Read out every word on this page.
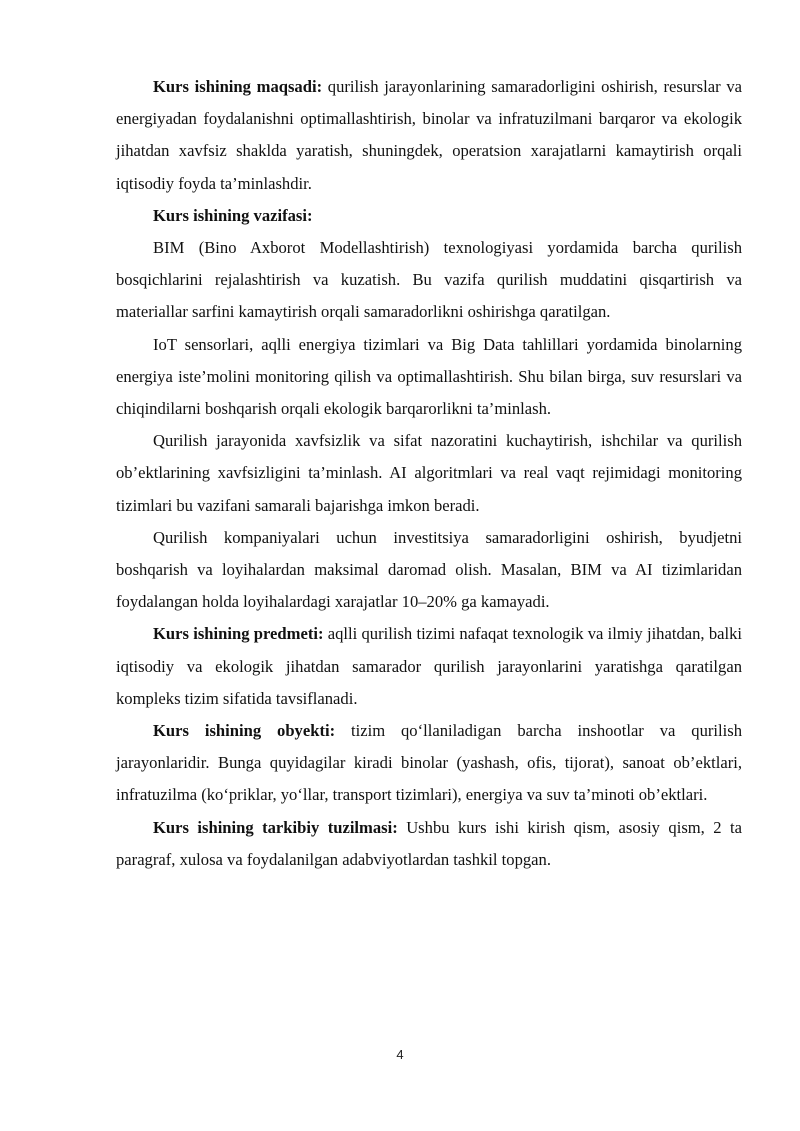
Kurs ishining maqsadi: qurilish jarayonlarining samaradorligini oshirish, resurslar va energiyadan foydalanishni optimallashtirish, binolar va infratuzilmani barqaror va ekologik jihatdan xavfsiz shaklda yaratish, shuningdek, operatsion xarajatlarni kamaytirish orqali iqtisodiy foyda ta’minlashdir.

Kurs ishining vazifasi:

BIM (Bino Axborot Modellashtirish) texnologiyasi yordamida barcha qurilish bosqichlarini rejalashtirish va kuzatish. Bu vazifa qurilish muddatini qisqartirish va materiallar sarfini kamaytirish orqali samaradorlikni oshirishga qaratilgan.

IoT sensorlari, aqlli energiya tizimlari va Big Data tahlillari yordamida binolarning energiya iste’molini monitoring qilish va optimallashtirish. Shu bilan birga, suv resurslari va chiqindilarni boshqarish orqali ekologik barqarorlikni ta’minlash.

Qurilish jarayonida xavfsizlik va sifat nazoratini kuchaytirish, ishchilar va qurilish ob’ektlarining xavfsizligini ta’minlash. AI algoritmlari va real vaqt rejimidagi monitoring tizimlari bu vazifani samarali bajarishga imkon beradi.

Qurilish kompaniyalari uchun investitsiya samaradorligini oshirish, byudjetni boshqarish va loyihalardan maksimal daromad olish. Masalan, BIM va AI tizimlaridan foydalangan holda loyihalardagi xarajatlar 10–20% ga kamayadi.

Kurs ishining predmeti: aqlli qurilish tizimi nafaqat texnologik va ilmiy jihatdan, balki iqtisodiy va ekologik jihatdan samarador qurilish jarayonlarini yaratishga qaratilgan kompleks tizim sifatida tavsiflanadi.

Kurs ishining obyekti: tizim qo‘llaniladigan barcha inshootlar va qurilish jarayonlaridir. Bunga quyidagilar kiradi binolar (yashash, ofis, tijorat), sanoat ob’ektlari, infratuzilma (ko‘priklar, yo‘llar, transport tizimlari), energiya va suv ta’minoti ob’ektlari.

Kurs ishining tarkibiy tuzilmasi: Ushbu kurs ishi kirish qism, asosiy qism, 2 ta paragraf, xulosa va foydalanilgan adabviyotlardan tashkil topgan.

4
